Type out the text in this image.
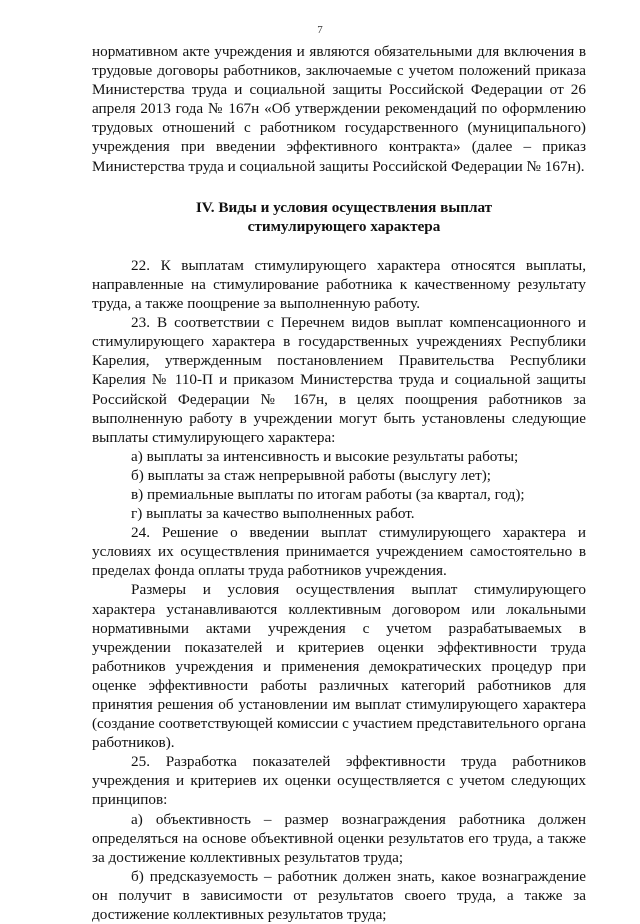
7

нормативном акте учреждения и являются обязательными для включения в трудовые договоры работников, заключаемые с учетом положений приказа Министерства труда и социальной защиты Российской Федерации от 26 апреля 2013 года № 167н «Об утверждении рекомендаций по оформлению трудовых отношений с работником государственного (муниципального) учреждения при введении эффективного контракта» (далее – приказ Министерства труда и социальной защиты Российской Федерации № 167н).

IV. Виды и условия осуществления выплат
стимулирующего характера

22. К выплатам стимулирующего характера относятся выплаты, направленные на стимулирование работника к качественному результату труда, а также поощрение за выполненную работу.

23. В соответствии с Перечнем видов выплат компенсационного и стимулирующего характера в государственных учреждениях Республики Карелия, утвержденным постановлением Правительства Республики Карелия № 110-П и приказом Министерства труда и социальной защиты Российской Федерации № 167н, в целях поощрения работников за выполненную работу в учреждении могут быть установлены следующие выплаты стимулирующего характера:

а) выплаты за интенсивность и высокие результаты работы;

б) выплаты за стаж непрерывной работы (выслугу лет);

в) премиальные выплаты по итогам работы (за квартал, год);

г) выплаты за качество выполненных работ.

24. Решение о введении выплат стимулирующего характера и условиях их осуществления принимается учреждением самостоятельно в пределах фонда оплаты труда работников учреждения.

Размеры и условия осуществления выплат стимулирующего характера устанавливаются коллективным договором или локальными нормативными актами учреждения с учетом разрабатываемых в учреждении показателей и критериев оценки эффективности труда работников учреждения и применения демократических процедур при оценке эффективности работы различных категорий работников для принятия решения об установлении им выплат стимулирующего характера (создание соответствующей комиссии с участием представительного органа работников).

25. Разработка показателей эффективности труда работников учреждения и критериев их оценки осуществляется с учетом следующих принципов:

а) объективность – размер вознаграждения работника должен определяться на основе объективной оценки результатов его труда, а также за достижение коллективных результатов труда;

б) предсказуемость – работник должен знать, какое вознаграждение он получит в зависимости от результатов своего труда, а также за достижение коллективных результатов труда;
